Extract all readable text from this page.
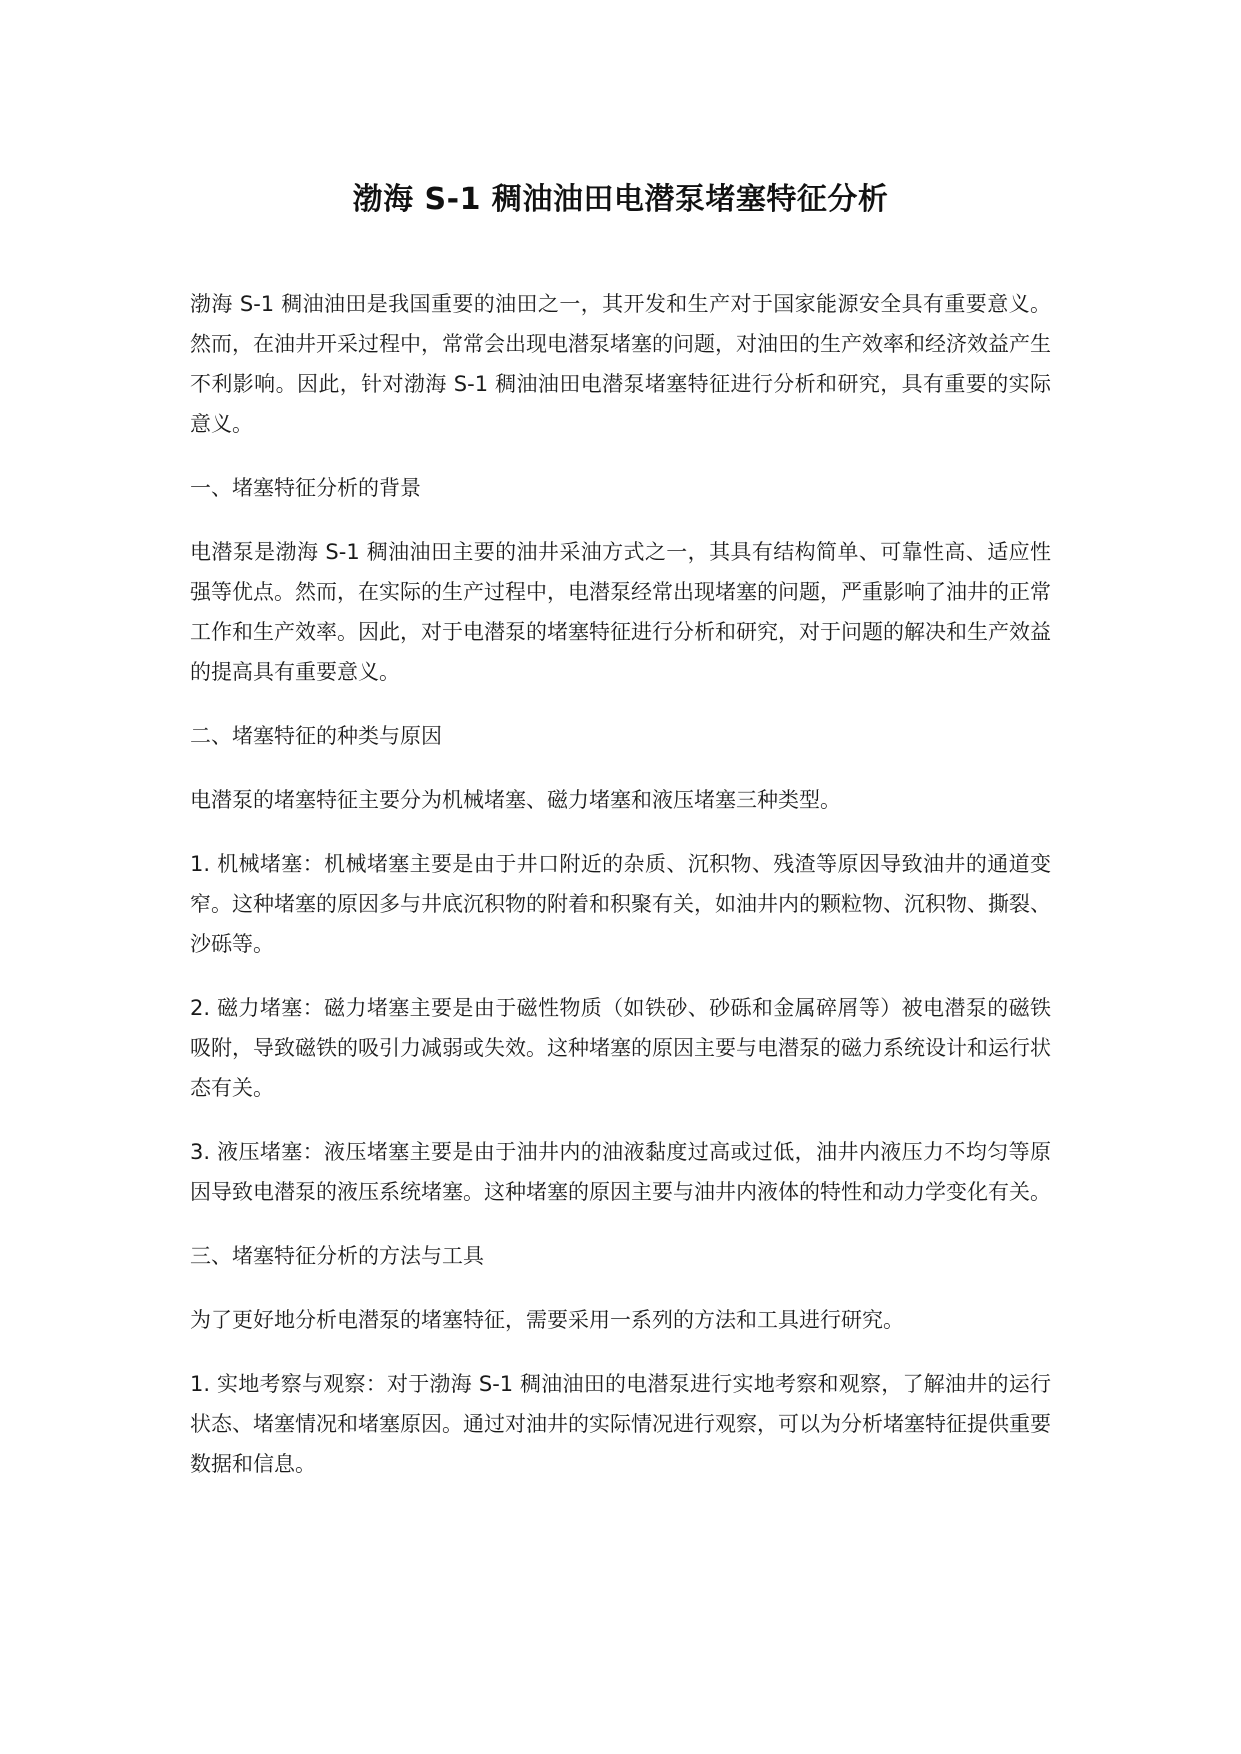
渤海 S-1 稠油油田电潜泵堵塞特征分析

渤海 S-1 稠油油田是我国重要的油田之一，其开发和生产对于国家能源安全具有重要意义。然而，在油井开采过程中，常常会出现电潜泵堵塞的问题，对油田的生产效率和经济效益产生不利影响。因此，针对渤海 S-1 稠油油田电潜泵堵塞特征进行分析和研究，具有重要的实际意义。

一、堵塞特征分析的背景

电潜泵是渤海 S-1 稠油油田主要的油井采油方式之一，其具有结构简单、可靠性高、适应性强等优点。然而，在实际的生产过程中，电潜泵经常出现堵塞的问题，严重影响了油井的正常工作和生产效率。因此，对于电潜泵的堵塞特征进行分析和研究，对于问题的解决和生产效益的提高具有重要意义。

二、堵塞特征的种类与原因

电潜泵的堵塞特征主要分为机械堵塞、磁力堵塞和液压堵塞三种类型。

1. 机械堵塞：机械堵塞主要是由于井口附近的杂质、沉积物、残渣等原因导致油井的通道变窄。这种堵塞的原因多与井底沉积物的附着和积聚有关，如油井内的颗粒物、沉积物、撕裂、沙砾等。

2. 磁力堵塞：磁力堵塞主要是由于磁性物质（如铁砂、砂砾和金属碎屑等）被电潜泵的磁铁吸附，导致磁铁的吸引力减弱或失效。这种堵塞的原因主要与电潜泵的磁力系统设计和运行状态有关。

3. 液压堵塞：液压堵塞主要是由于油井内的油液黏度过高或过低，油井内液压力不均匀等原因导致电潜泵的液压系统堵塞。这种堵塞的原因主要与油井内液体的特性和动力学变化有关。

三、堵塞特征分析的方法与工具

为了更好地分析电潜泵的堵塞特征，需要采用一系列的方法和工具进行研究。

1. 实地考察与观察：对于渤海 S-1 稠油油田的电潜泵进行实地考察和观察，了解油井的运行状态、堵塞情况和堵塞原因。通过对油井的实际情况进行观察，可以为分析堵塞特征提供重要数据和信息。
